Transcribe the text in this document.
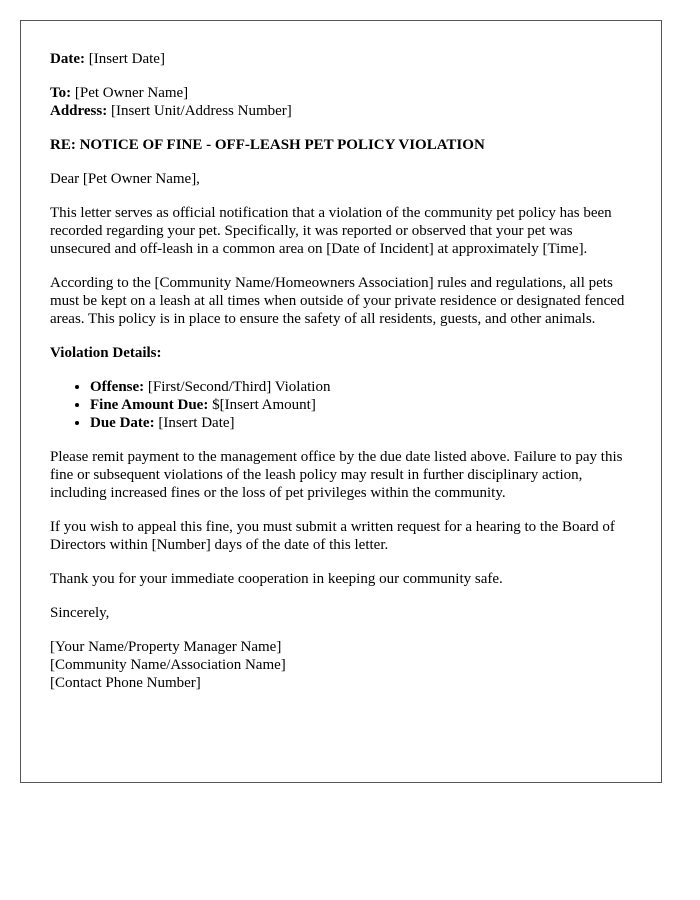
Date: [Insert Date]

To: [Pet Owner Name]
Address: [Insert Unit/Address Number]

RE: NOTICE OF FINE - OFF-LEASH PET POLICY VIOLATION

Dear [Pet Owner Name],

This letter serves as official notification that a violation of the community pet policy has been recorded regarding your pet. Specifically, it was reported or observed that your pet was unsecured and off-leash in a common area on [Date of Incident] at approximately [Time].

According to the [Community Name/Homeowners Association] rules and regulations, all pets must be kept on a leash at all times when outside of your private residence or designated fenced areas. This policy is in place to ensure the safety of all residents, guests, and other animals.

Violation Details:

• Offense: [First/Second/Third] Violation
• Fine Amount Due: $[Insert Amount]
• Due Date: [Insert Date]

Please remit payment to the management office by the due date listed above. Failure to pay this fine or subsequent violations of the leash policy may result in further disciplinary action, including increased fines or the loss of pet privileges within the community.

If you wish to appeal this fine, you must submit a written request for a hearing to the Board of Directors within [Number] days of the date of this letter.

Thank you for your immediate cooperation in keeping our community safe.

Sincerely,

[Your Name/Property Manager Name]
[Community Name/Association Name]
[Contact Phone Number]
